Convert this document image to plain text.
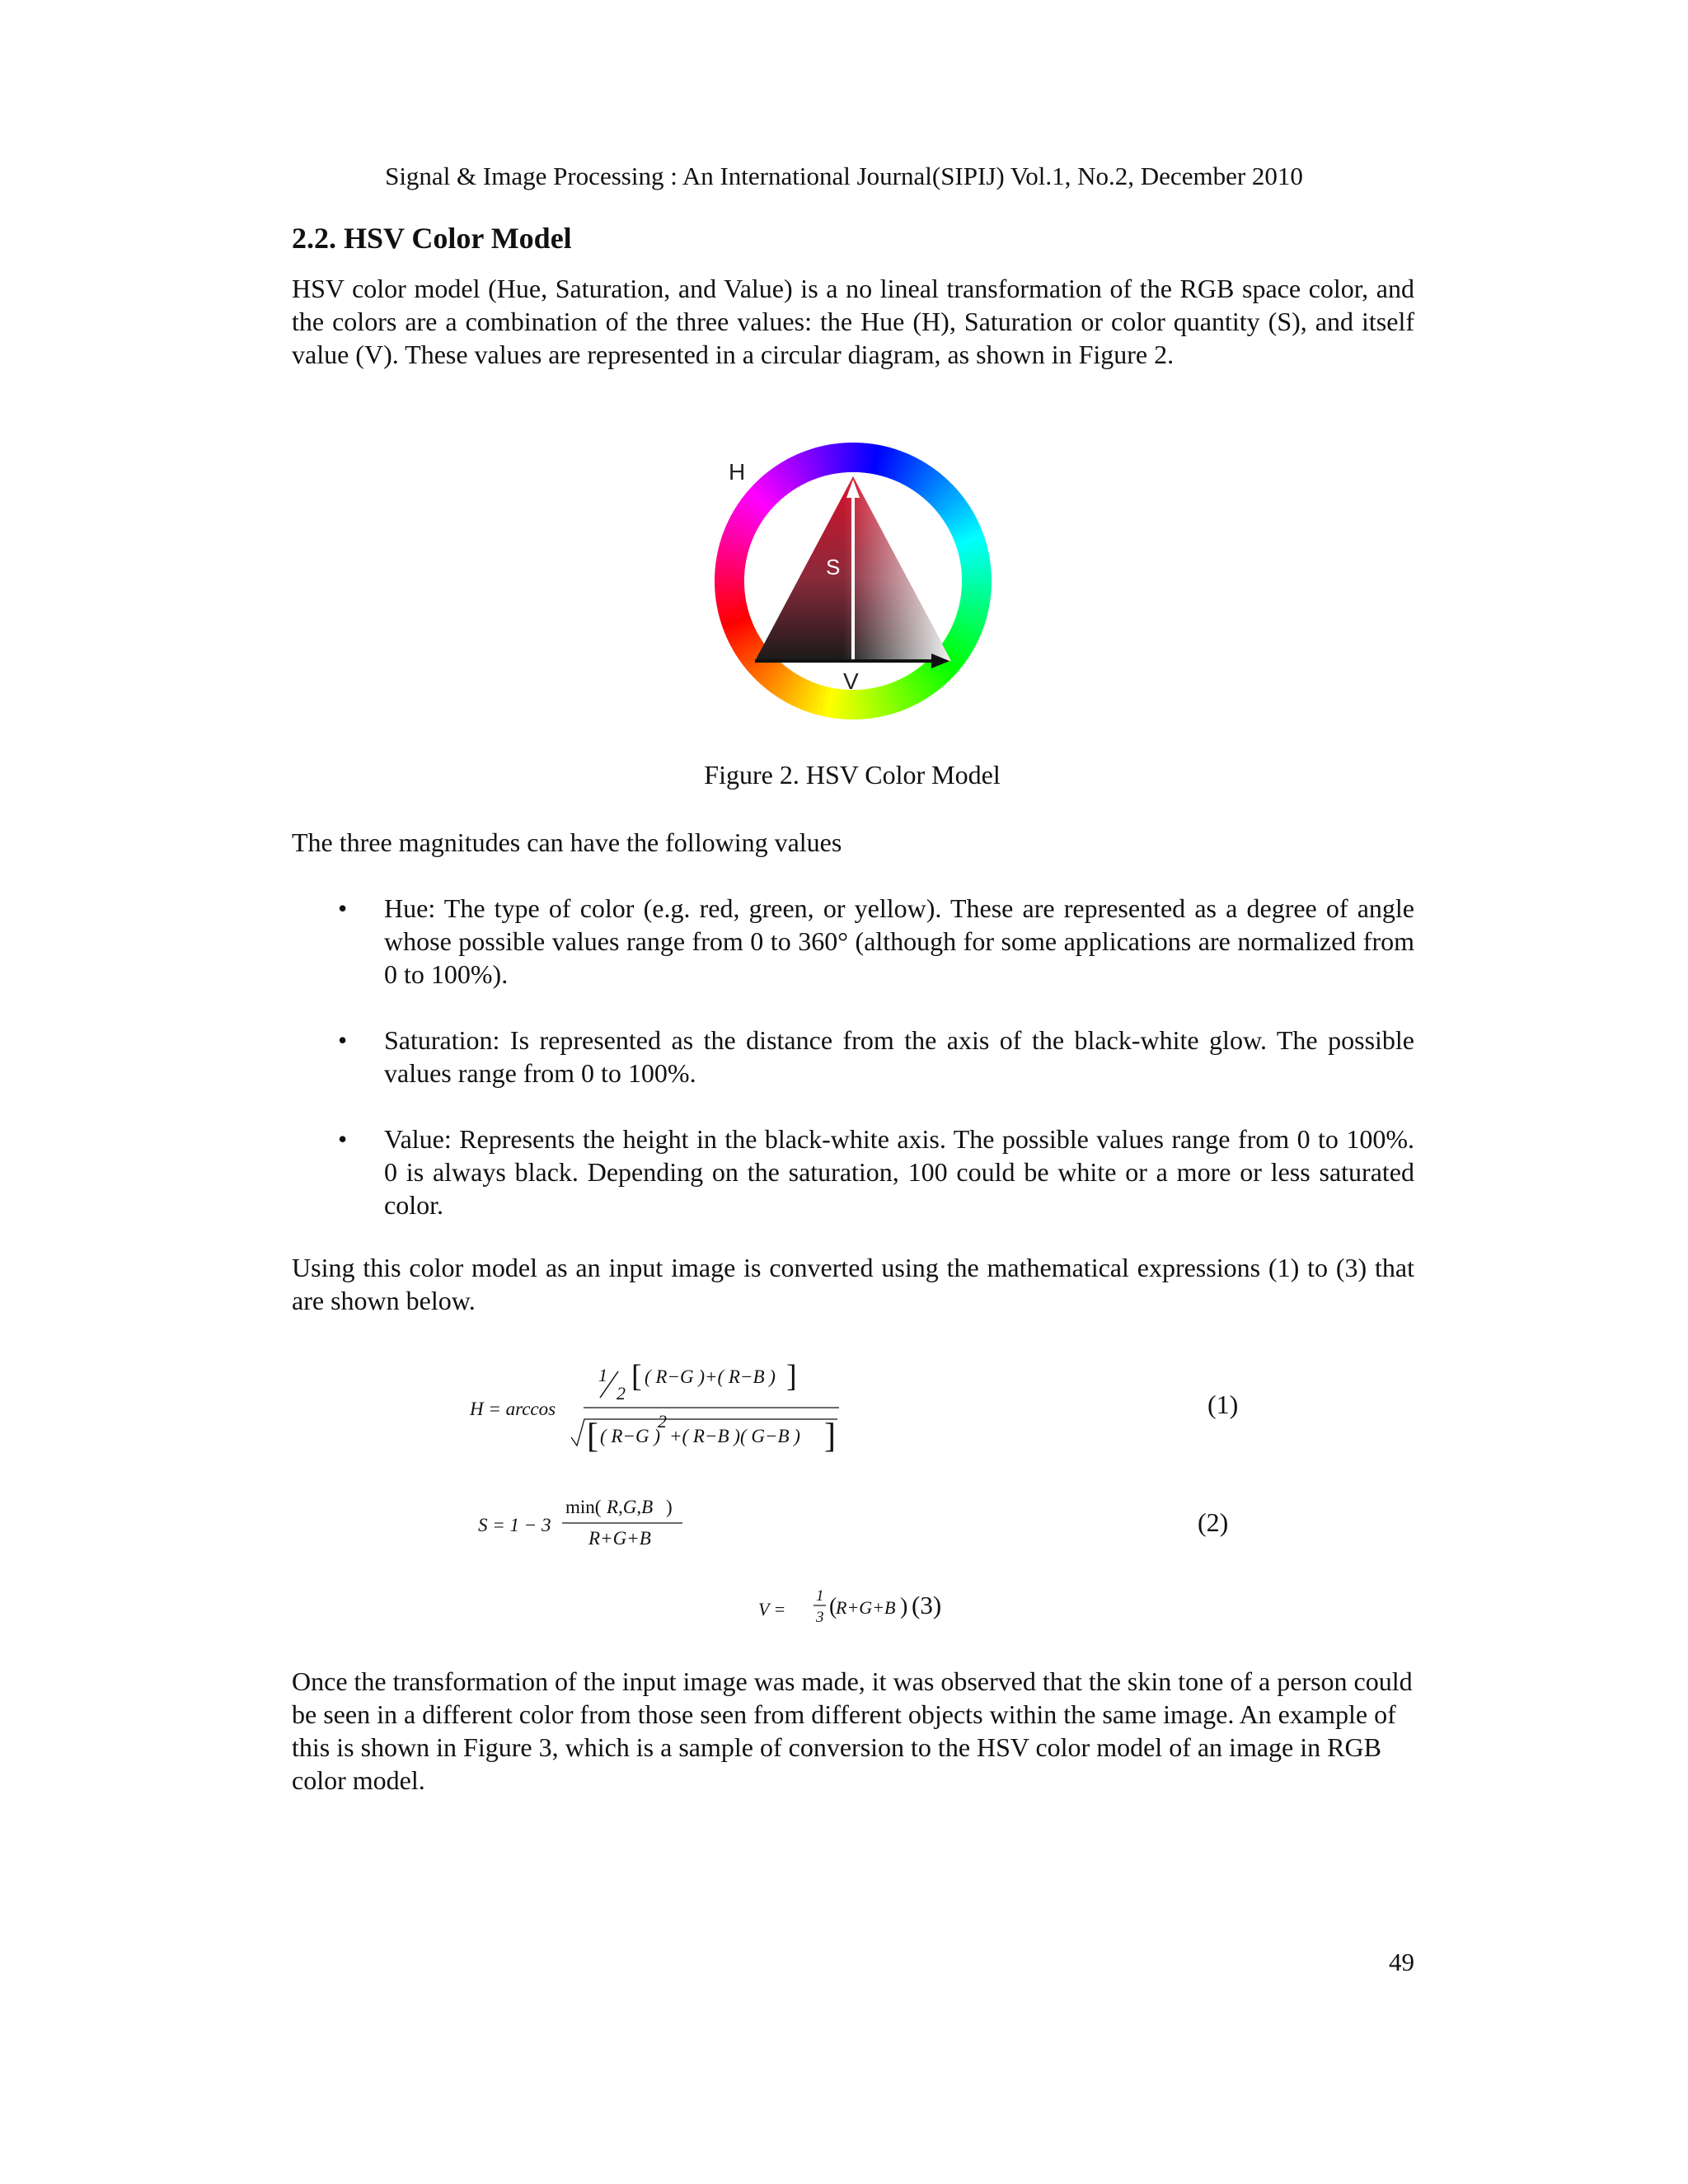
Signal & Image Processing : An International Journal(SIPIJ) Vol.1, No.2, December 2010
2.2. HSV Color Model

HSV color model (Hue, Saturation, and Value) is a no lineal transformation of the RGB space color, and the colors are a combination of the three values: the Hue (H), Saturation or color quantity (S), and itself value (V). These values are represented in a circular diagram, as shown in Figure 2.

H
S
V
Figure 2. HSV Color Model

The three magnitudes can have the following values

• Hue: The type of color (e.g. red, green, or yellow). These are represented as a degree of angle whose possible values range from 0 to 360° (although for some applications are normalized from 0 to 100%).

• Saturation: Is represented as the distance from the axis of the black-white glow. The possible values range from 0 to 100%.

• Value: Represents the height in the black-white axis. The possible values range from 0 to 100%. 0 is always black. Depending on the saturation, 100 could be white or a more or less saturated color.

Using this color model as an input image is converted using the mathematical expressions (1) to (3) that are shown below.

H = arccos
1
2 [ ( R−G )+( R−B ) ]
[ ( R−G )
2
+( R−B )( G−B ) ]
(1)
S = 1 − 3
min( R,G,B )
R+G+B
(2)
V =
1
3 (
R+G+B ) (3)

Once the transformation of the input image was made, it was observed that the skin tone of a person could be seen in a different color from those seen from different objects within the same image. An example of this is shown in Figure 3, which is a sample of conversion to the HSV color model of an image in RGB color model.

49
